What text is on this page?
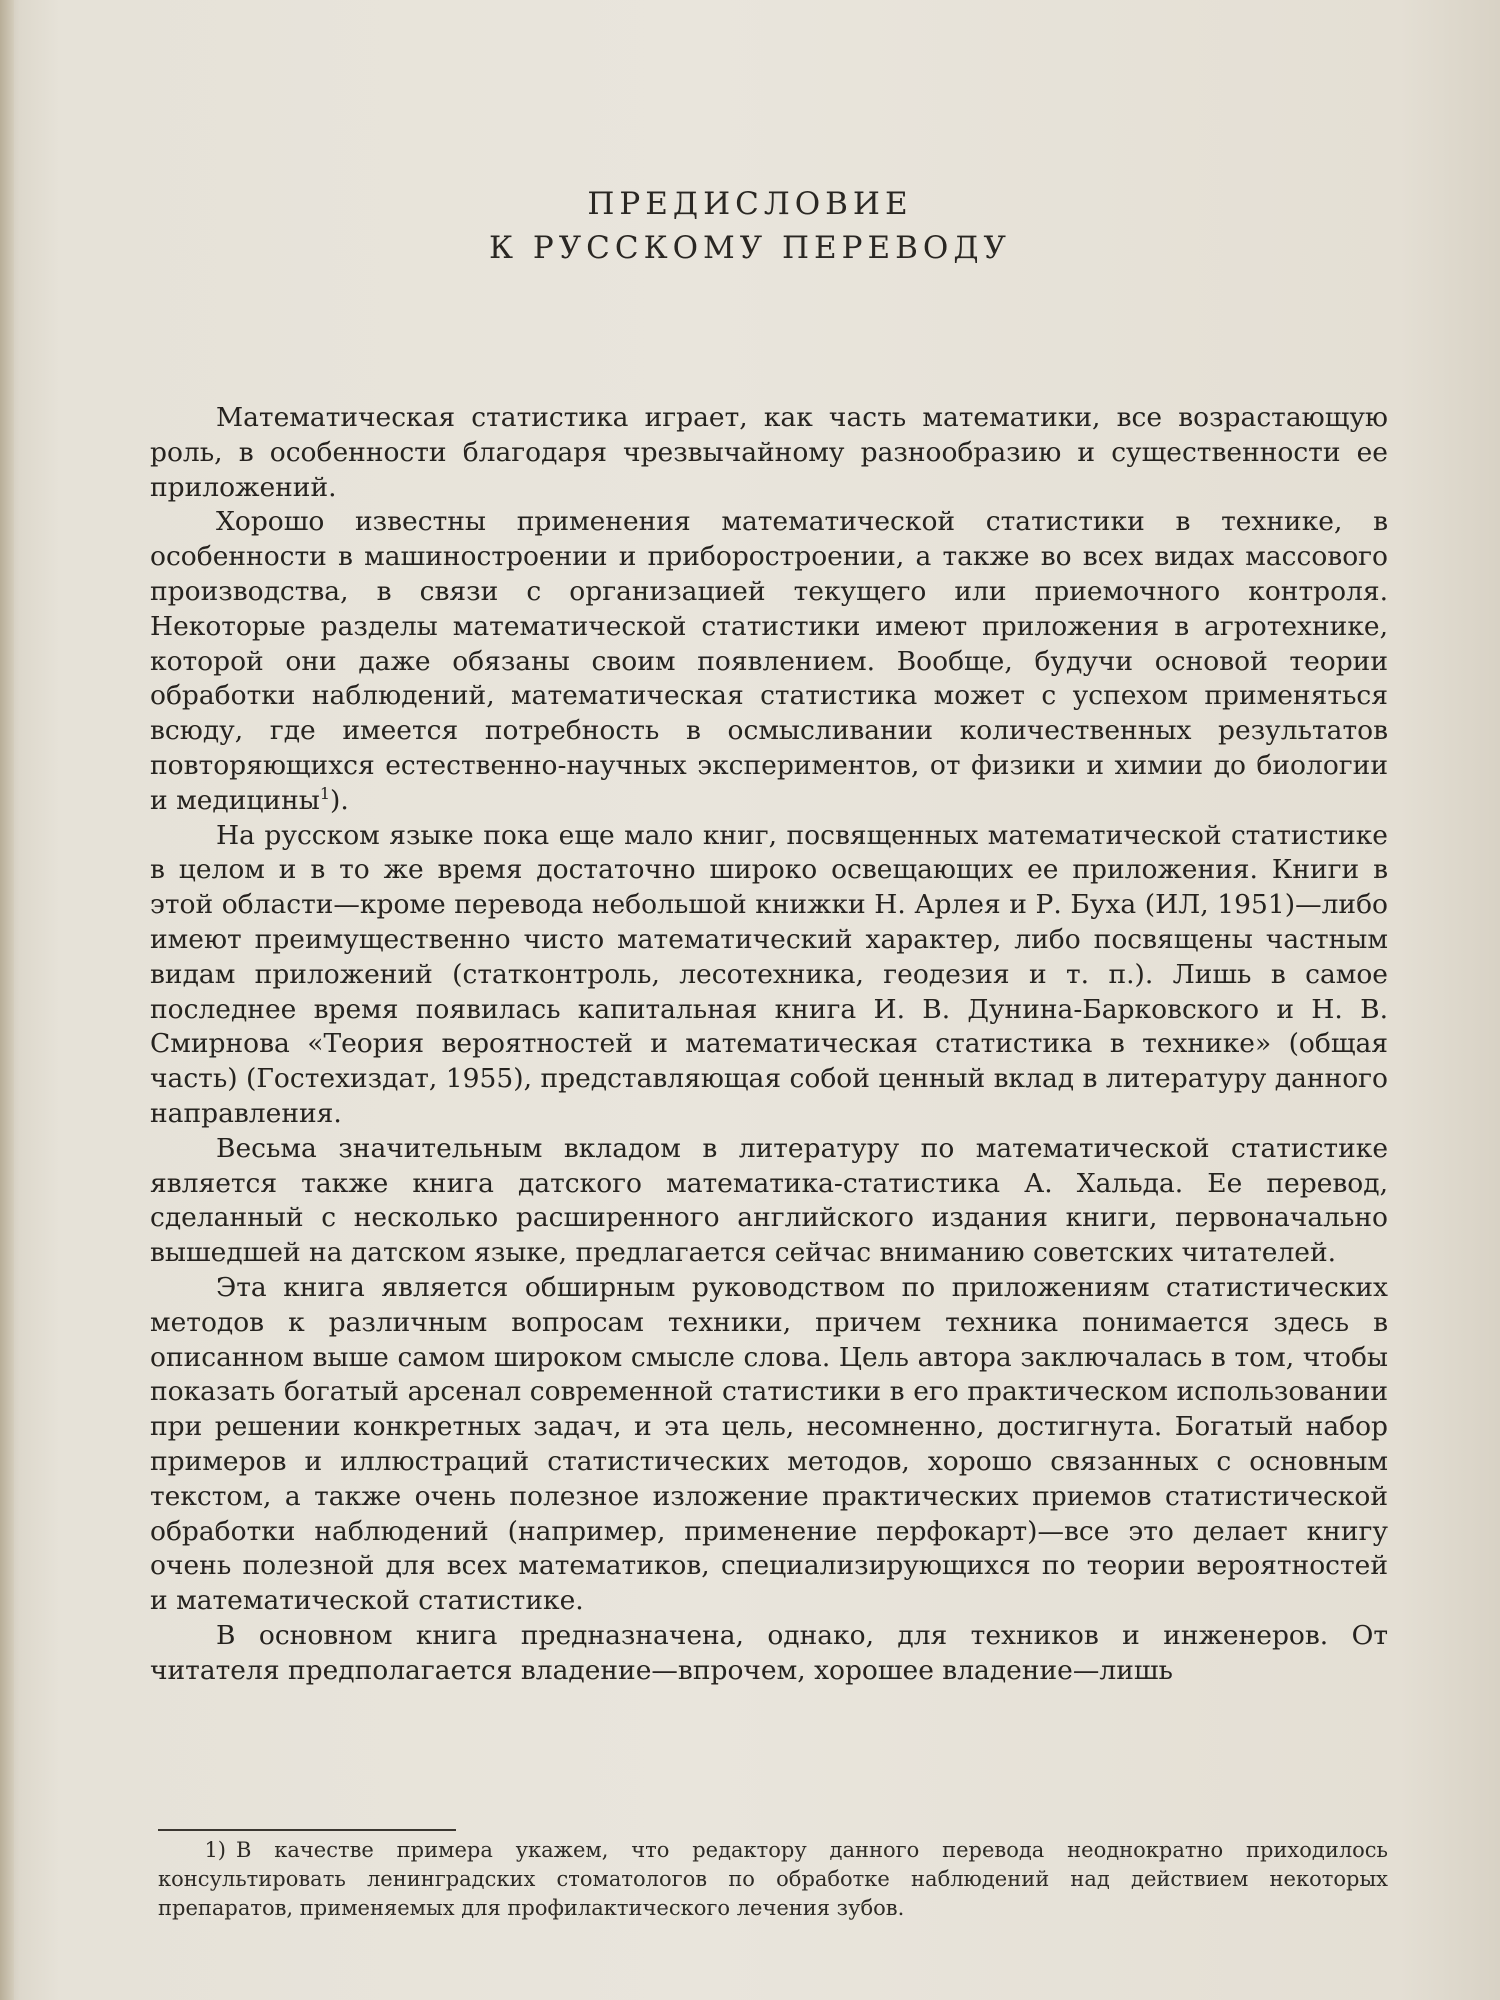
ПРЕДИСЛОВИЕ
К РУССКОМУ ПЕРЕВОДУ

Математическая статистика играет, как часть математики, все возрастающую роль, в особенности благодаря чрезвычайному разнообразию и существенности ее приложений.

Хорошо известны применения математической статистики в технике, в особенности в машиностроении и приборостроении, а также во всех видах массового производства, в связи с организацией текущего или приемочного контроля. Некоторые разделы математической статистики имеют приложения в агротехнике, которой они даже обязаны своим появлением. Вообще, будучи основой теории обработки наблюдений, математическая статистика может с успехом применяться всюду, где имеется потребность в осмысливании количественных результатов повторяющихся естественно-научных экспериментов, от физики и химии до биологии и медицины$^1$).

На русском языке пока еще мало книг, посвященных математической статистике в целом и в то же время достаточно широко освещающих ее приложения. Книги в этой области—кроме перевода небольшой книжки Н. Арлея и Р. Буха (ИЛ, 1951)—либо имеют преимущественно чисто математический характер, либо посвящены частным видам приложений (статконтроль, лесотехника, геодезия и т. п.). Лишь в самое последнее время появилась капитальная книга И. В. Дунина-Барковского и Н. В. Смирнова «Теория вероятностей и математическая статистика в технике» (общая часть) (Гостехиздат, 1955), представляющая собой ценный вклад в литературу данного направления.

Весьма значительным вкладом в литературу по математической статистике является также книга датского математика-статистика А. Хальда. Ее перевод, сделанный с несколько расширенного английского издания книги, первоначально вышедшей на датском языке, предлагается сейчас вниманию советских читателей.

Эта книга является обширным руководством по приложениям статистических методов к различным вопросам техники, причем техника понимается здесь в описанном выше самом широком смысле слова. Цель автора заключалась в том, чтобы показать богатый арсенал современной статистики в его практическом использовании при решении конкретных задач, и эта цель, несомненно, достигнута. Богатый набор примеров и иллюстраций статистических методов, хорошо связанных с основным текстом, а также очень полезное изложение практических приемов статистической обработки наблюдений (например, применение перфокарт)—все это делает книгу очень полезной для всех математиков, специализирующихся по теории вероятностей и математической статистике.

В основном книга предназначена, однако, для техников и инженеров. От читателя предполагается владение—впрочем, хорошее владение—лишь

1) В качестве примера укажем, что редактору данного перевода неоднократно приходилось консультировать ленинградских стоматологов по обработке наблюдений над действием некоторых препаратов, применяемых для профилактического лечения зубов.
